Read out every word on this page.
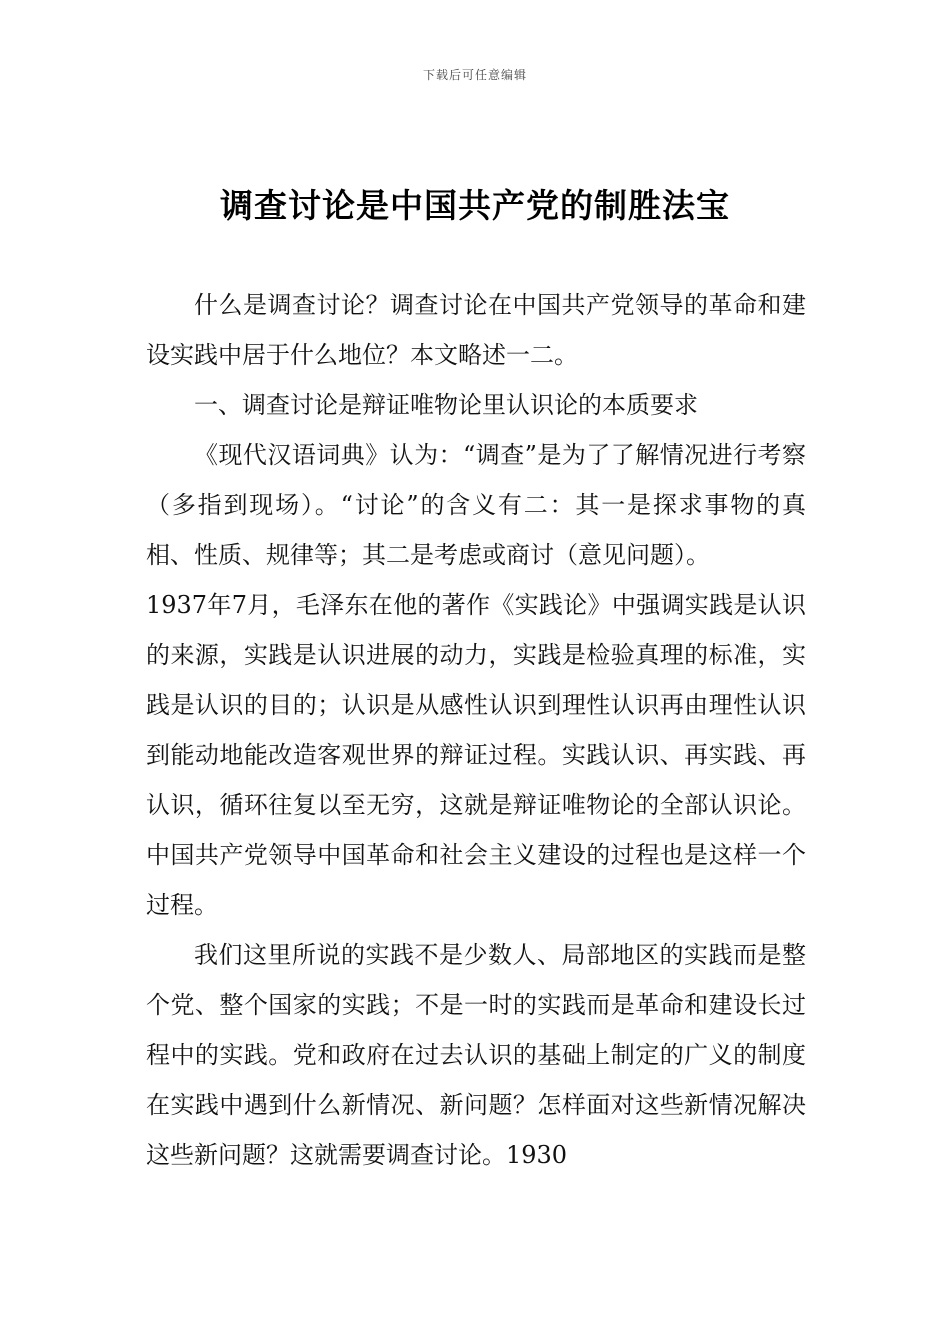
下载后可任意编辑
调查讨论是中国共产党的制胜法宝

什么是调查讨论？调查讨论在中国共产党领导的革命和建设实践中居于什么地位？本文略述一二。

一、调查讨论是辩证唯物论里认识论的本质要求

《现代汉语词典》认为：“调查”是为了了解情况进行考察（多指到现场）。“讨论”的含义有二：其一是探求事物的真相、性质、规律等；其二是考虑或商讨（意见问题）。

1937年7月，毛泽东在他的著作《实践论》中强调实践是认识的来源，实践是认识进展的动力，实践是检验真理的标准，实践是认识的目的；认识是从感性认识到理性认识再由理性认识到能动地能改造客观世界的辩证过程。实践认识、再实践、再认识，循环往复以至无穷，这就是辩证唯物论的全部认识论。中国共产党领导中国革命和社会主义建设的过程也是这样一个过程。

我们这里所说的实践不是少数人、局部地区的实践而是整个党、整个国家的实践；不是一时的实践而是革命和建设长过程中的实践。党和政府在过去认识的基础上制定的广义的制度在实践中遇到什么新情况、新问题？怎样面对这些新情况解决这些新问题？这就需要调查讨论。1930
